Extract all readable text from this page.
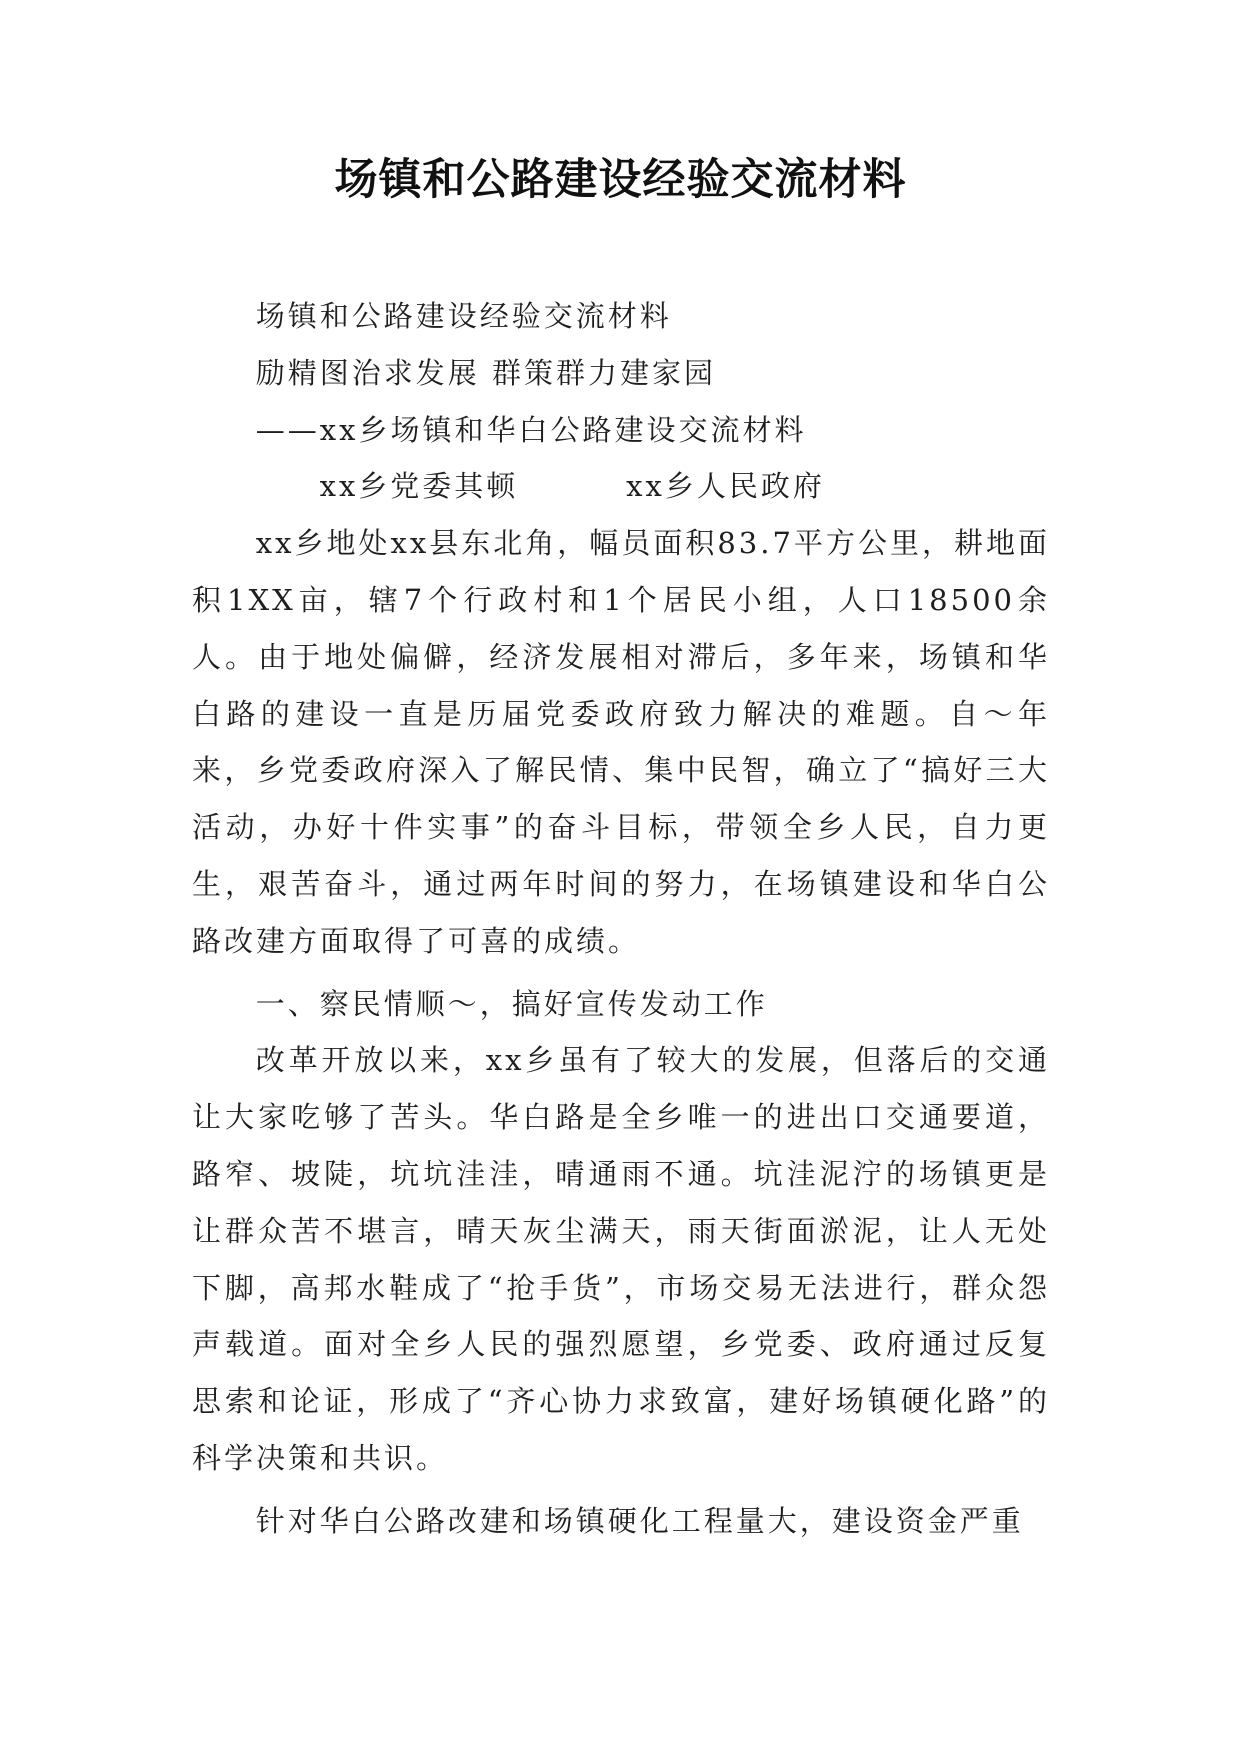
场镇和公路建设经验交流材料

场镇和公路建设经验交流材料

励精图治求发展 群策群力建家园

——xx乡场镇和华白公路建设交流材料

xx乡党委其顿	xx乡人民政府

xx乡地处xx县东北角，幅员面积83.7平方公里，耕地面积1XX亩，辖7个行政村和1个居民小组，人口18500余人。由于地处偏僻，经济发展相对滞后，多年来，场镇和华白路的建设一直是历届党委政府致力解决的难题。自～年来，乡党委政府深入了解民情、集中民智，确立了“搞好三大活动，办好十件实事”的奋斗目标，带领全乡人民，自力更生，艰苦奋斗，通过两年时间的努力，在场镇建设和华白公路改建方面取得了可喜的成绩。

一、察民情顺～，搞好宣传发动工作

改革开放以来，xx乡虽有了较大的发展，但落后的交通让大家吃够了苦头。华白路是全乡唯一的进出口交通要道，路窄、坡陡，坑坑洼洼，晴通雨不通。坑洼泥泞的场镇更是让群众苦不堪言，晴天灰尘满天，雨天街面淤泥，让人无处下脚，高邦水鞋成了“抢手货”，市场交易无法进行，群众怨声载道。面对全乡人民的强烈愿望，乡党委、政府通过反复思索和论证，形成了“齐心协力求致富，建好场镇硬化路”的科学决策和共识。

针对华白公路改建和场镇硬化工程量大，建设资金严重
